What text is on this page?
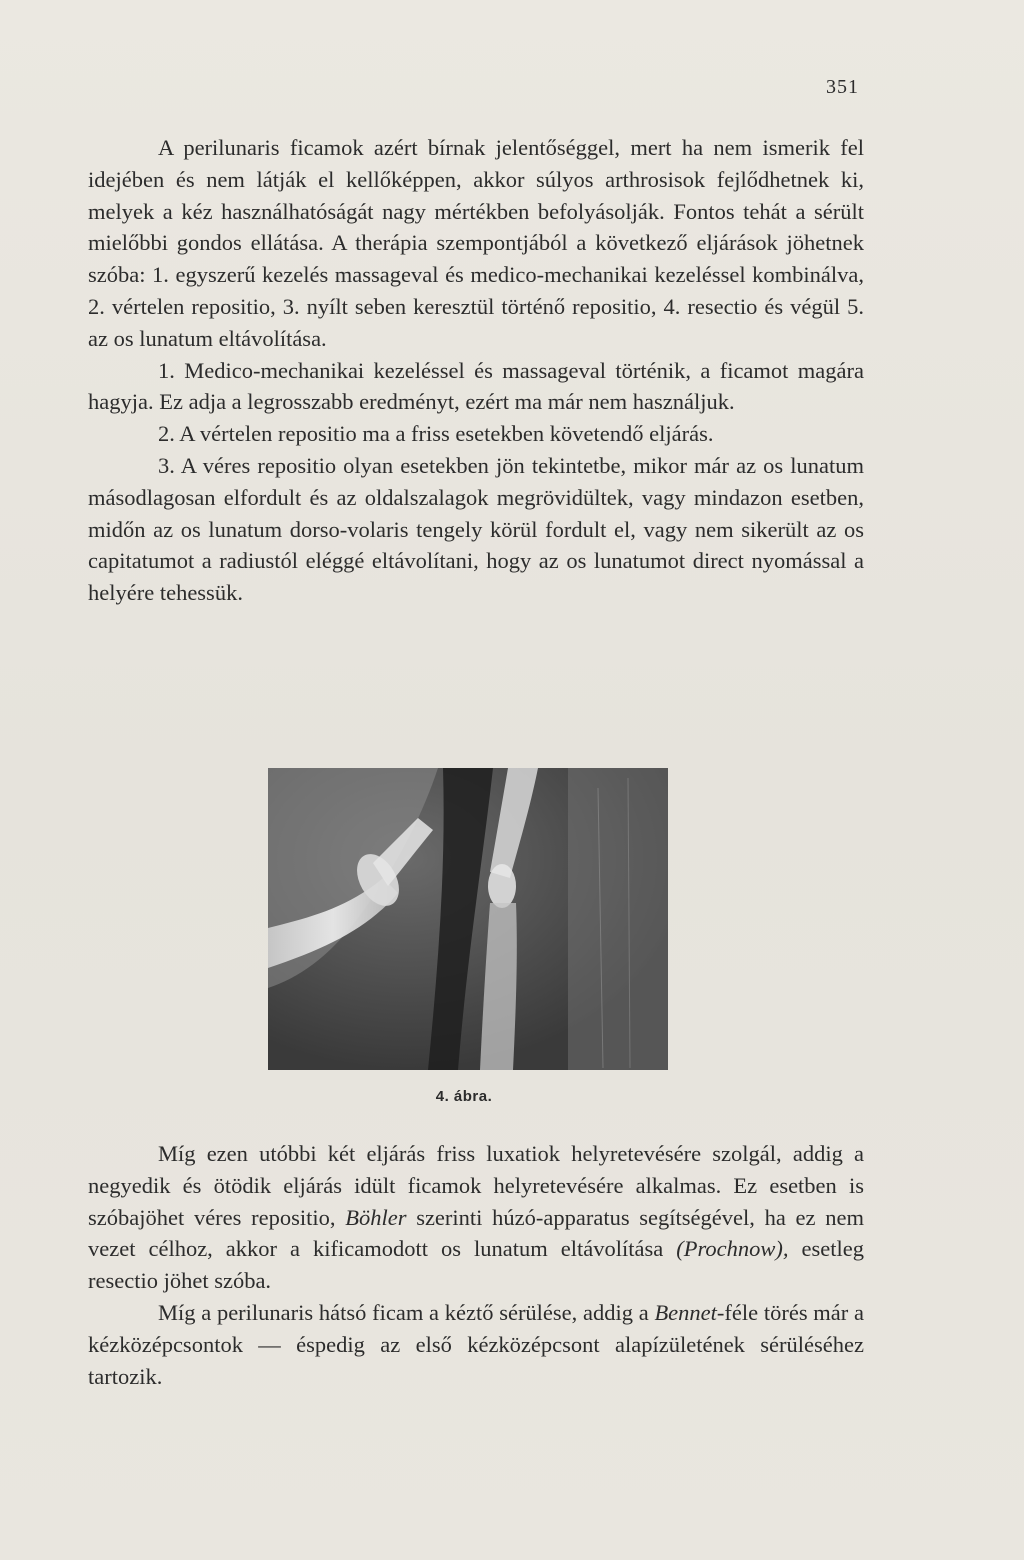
351

A perilunaris ficamok azért bírnak jelentőséggel, mert ha nem ismerik fel idejében és nem látják el kellőképpen, akkor súlyos arthrosisok fejlődhetnek ki, melyek a kéz használhatóságát nagy mértékben befolyásolják. Fontos tehát a sérült mielőbbi gondos ellátása. A therápia szempontjából a következő eljárások jöhetnek szóba: 1. egyszerű kezelés massageval és medico-mechanikai kezeléssel kombinálva, 2. vértelen repositio, 3. nyílt seben keresztül történő repositio, 4. resectio és végül 5. az os lunatum eltávolítása.

1. Medico-mechanikai kezeléssel és massageval történik, a ficamot magára hagyja. Ez adja a legrosszabb eredményt, ezért ma már nem használjuk.

2. A vértelen repositio ma a friss esetekben követendő eljárás.

3. A véres repositio olyan esetekben jön tekintetbe, mikor már az os lunatum másodlagosan elfordult és az oldalszalagok megrövidültek, vagy mindazon esetben, midőn az os lunatum dorso-volaris tengely körül fordult el, vagy nem sikerült az os capitatumot a radiustól eléggé eltávolítani, hogy az os lunatumot direct nyomással a helyére tehessük.

4. ábra.

Míg ezen utóbbi két eljárás friss luxatiok helyretevésére szolgál, addig a negyedik és ötödik eljárás idült ficamok helyretevésére alkalmas. Ez esetben is szóbajöhet véres repositio, Böhler szerinti húzó-apparatus segítségével, ha ez nem vezet célhoz, akkor a kificamodott os lunatum eltávolítása (Prochnow), esetleg resectio jöhet szóba.

Míg a perilunaris hátsó ficam a kéztő sérülése, addig a Bennet-féle törés már a kézközépcsontok — éspedig az első kézközépcsont alapízületének sérüléséhez tartozik.
